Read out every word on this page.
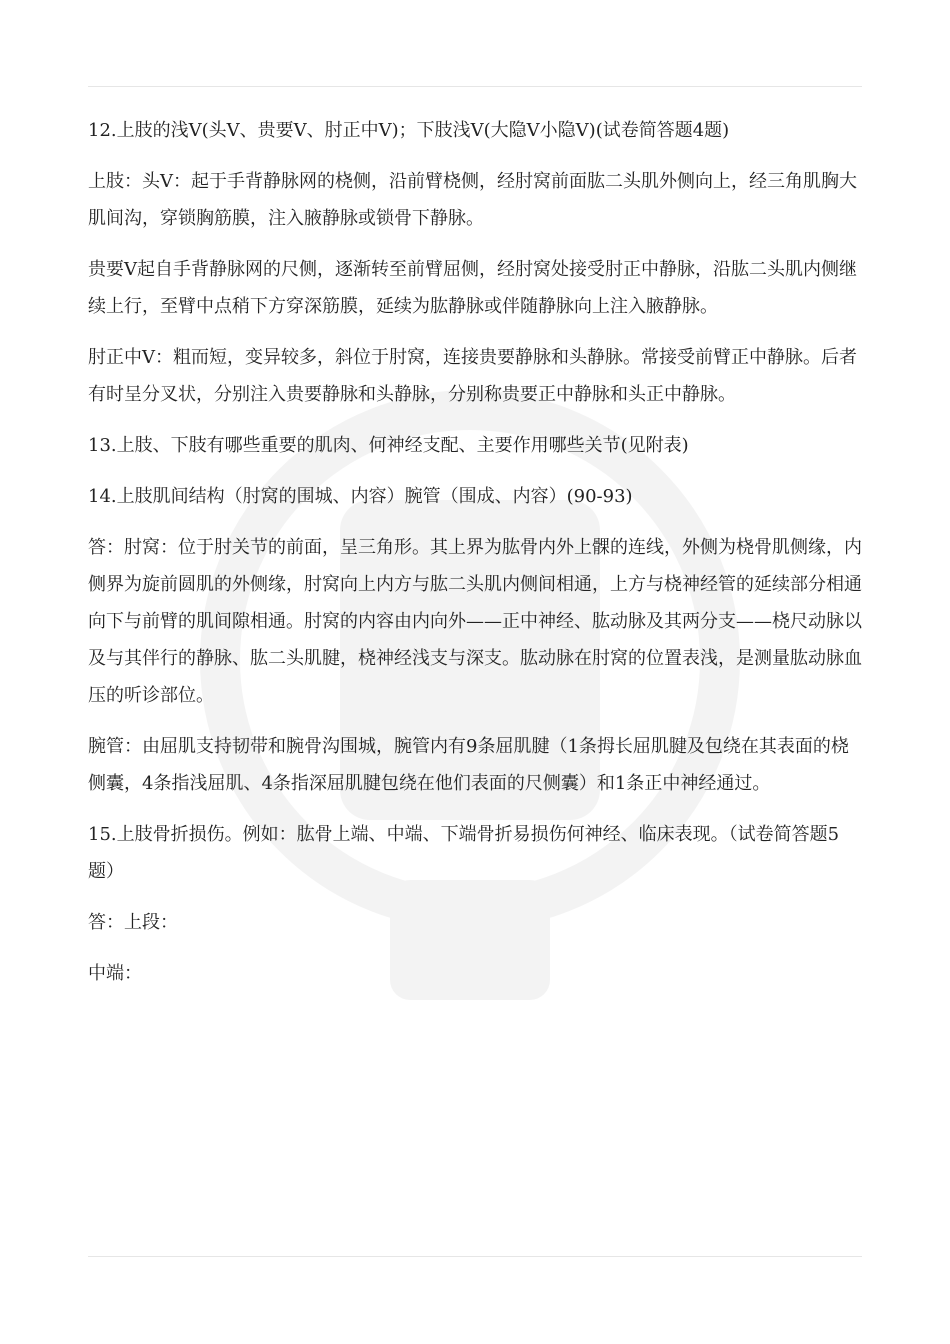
12.上肢的浅V(头V、贵要V、肘正中V)；下肢浅V(大隐V小隐V)(试卷简答题4题)

上肢：头V：起于手背静脉网的桡侧，沿前臂桡侧，经肘窝前面肱二头肌外侧向上，经三角肌胸大肌间沟，穿锁胸筋膜，注入腋静脉或锁骨下静脉。

贵要V起自手背静脉网的尺侧，逐渐转至前臂屈侧，经肘窝处接受肘正中静脉，沿肱二头肌内侧继续上行，至臂中点稍下方穿深筋膜，延续为肱静脉或伴随静脉向上注入腋静脉。

肘正中V：粗而短，变异较多，斜位于肘窝，连接贵要静脉和头静脉。常接受前臂正中静脉。后者有时呈分叉状，分别注入贵要静脉和头静脉，分别称贵要正中静脉和头正中静脉。

13.上肢、下肢有哪些重要的肌肉、何神经支配、主要作用哪些关节(见附表)

14.上肢肌间结构（肘窝的围城、内容）腕管（围成、内容）(90-93)

答：肘窝：位于肘关节的前面，呈三角形。其上界为肱骨内外上髁的连线，外侧为桡骨肌侧缘，内侧界为旋前圆肌的外侧缘，肘窝向上内方与肱二头肌内侧间相通，上方与桡神经管的延续部分相通向下与前臂的肌间隙相通。肘窝的内容由内向外——正中神经、肱动脉及其两分支——桡尺动脉以及与其伴行的静脉、肱二头肌腱，桡神经浅支与深支。肱动脉在肘窝的位置表浅，是测量肱动脉血压的听诊部位。

腕管：由屈肌支持韧带和腕骨沟围城，腕管内有9条屈肌腱（1条拇长屈肌腱及包绕在其表面的桡侧囊，4条指浅屈肌、4条指深屈肌腱包绕在他们表面的尺侧囊）和1条正中神经通过。

15.上肢骨折损伤。例如：肱骨上端、中端、下端骨折易损伤何神经、临床表现。（试卷简答题5题）

答：上段：

中端：
